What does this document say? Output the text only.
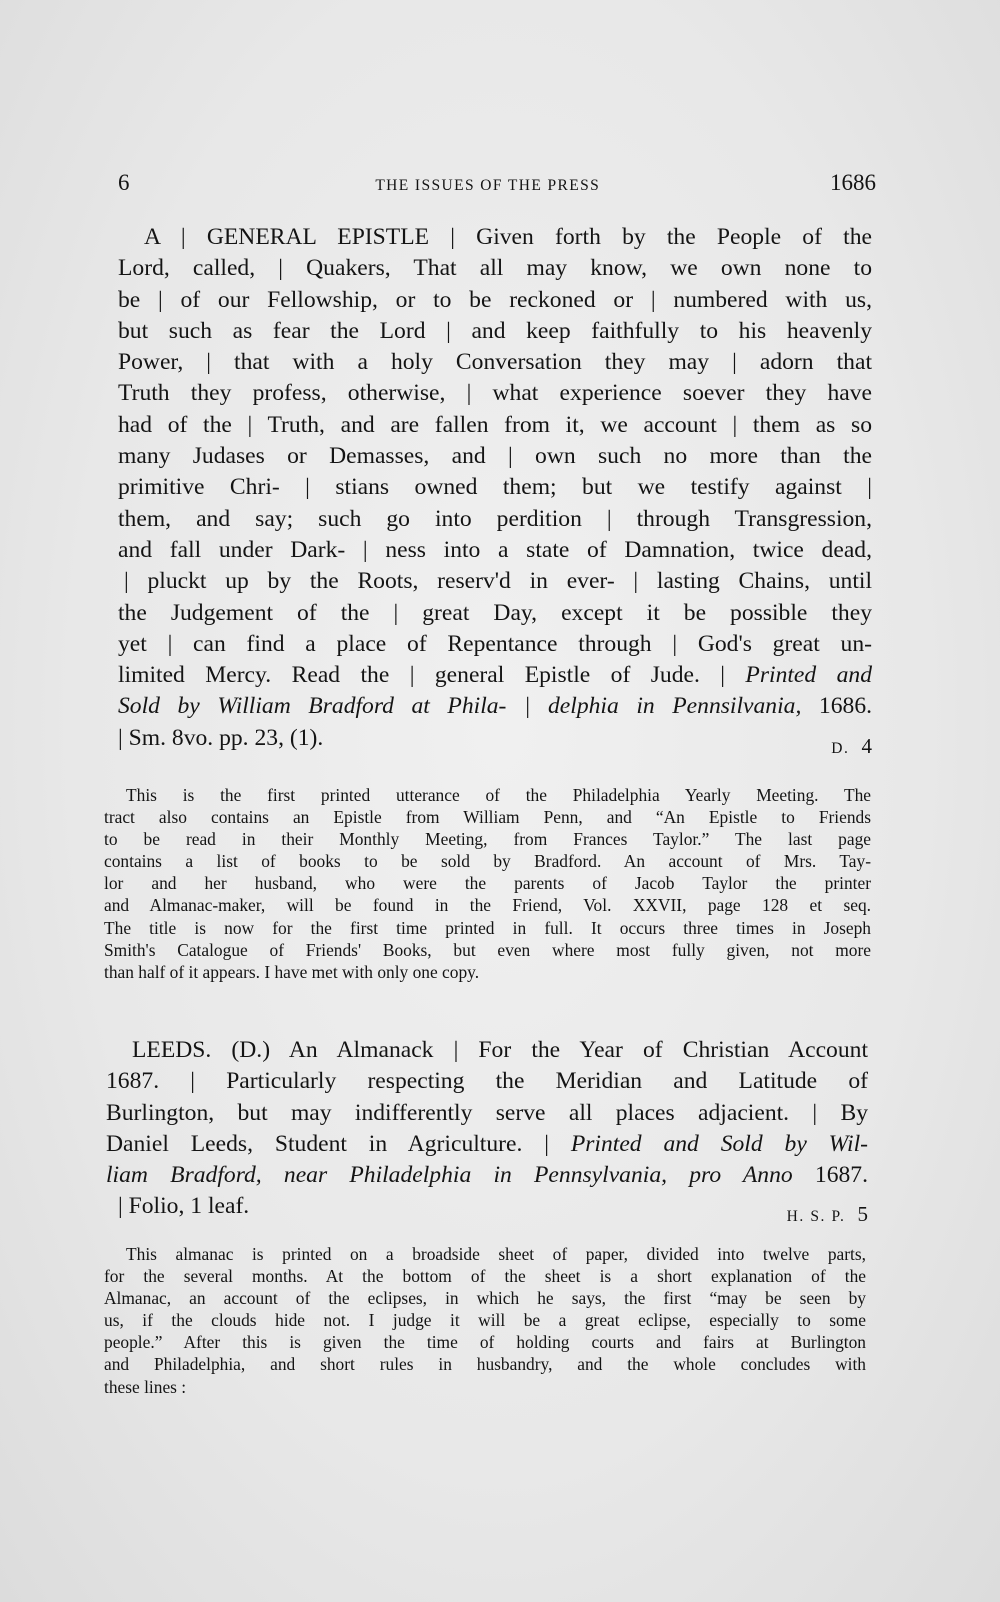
6	THE ISSUES OF THE PRESS	1686
A | GENERAL EPISTLE | Given forth by the People of the
Lord, called, | Quakers, That all may know, we own none to
be | of our Fellowship, or to be reckoned or | numbered with us,
but such as fear the Lord | and keep faithfully to his heavenly
Power, | that with a holy Conversation they may | adorn that
Truth they profess, otherwise, | what experience soever they have
had of the | Truth, and are fallen from it, we account | them as so
many Judases or Demasses, and | own such no more than the
primitive Chri- | stians owned them; but we testify against |
them, and say; such go into perdition | through Transgression,
and fall under Dark- | ness into a state of Damnation, twice dead,
| pluckt up by the Roots, reserv'd in ever- | lasting Chains, until
the Judgement of the | great Day, except it be possible they
yet | can find a place of Repentance through | God's great un-
limited Mercy. Read the | general Epistle of Jude. | Printed and
Sold by William Bradford at Phila- | delphia in Pennsilvania, 1686.
| Sm. 8vo. pp. 23, (1).	D. 4
This is the first printed utterance of the Philadelphia Yearly Meeting. The
tract also contains an Epistle from William Penn, and “An Epistle to Friends
to be read in their Monthly Meeting, from Frances Taylor.” The last page
contains a list of books to be sold by Bradford. An account of Mrs. Tay-
lor and her husband, who were the parents of Jacob Taylor the printer
and Almanac-maker, will be found in the Friend, Vol. XXVII, page 128 et seq.
The title is now for the first time printed in full. It occurs three times in Joseph
Smith's Catalogue of Friends' Books, but even where most fully given, not more
than half of it appears. I have met with only one copy.
LEEDS. (D.) An Almanack | For the Year of Christian Account
1687. | Particularly respecting the Meridian and Latitude of
Burlington, but may indifferently serve all places adjacient. | By
Daniel Leeds, Student in Agriculture. | Printed and Sold by Wil-
liam Bradford, near Philadelphia in Pennsylvania, pro Anno 1687.
| Folio, 1 leaf.	H. S. P. 5
This almanac is printed on a broadside sheet of paper, divided into twelve parts,
for the several months. At the bottom of the sheet is a short explanation of the
Almanac, an account of the eclipses, in which he says, the first “may be seen by
us, if the clouds hide not. I judge it will be a great eclipse, especially to some
people.” After this is given the time of holding courts and fairs at Burlington
and Philadelphia, and short rules in husbandry, and the whole concludes with
these lines :
